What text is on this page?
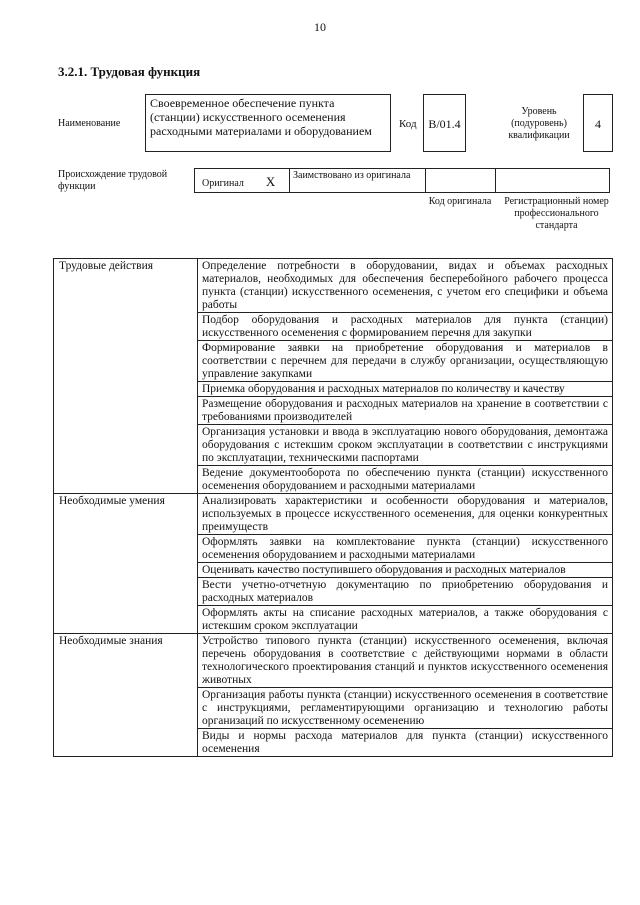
10
3.2.1. Трудовая функция
Наименование
Своевременное обеспечение пункта (станции) искусственного осеменения расходными материалами и оборудованием	Код В/01.4
Уровень (подуровень) квалификации
4
Происхождение трудовой функции	Оригинал X	Заимствовано из оригинала
Код оригинала	Регистрационный номер профессионального стандарта
Трудовые действия	Определение потребности в оборудовании, видах и объемах расходных материалов, необходимых для обеспечения бесперебойного рабочего процесса пункта (станции) искусственного осеменения, с учетом его специфики и объема работы
	Подбор оборудования и расходных материалов для пункта (станции) искусственного осеменения с формированием перечня для закупки
	Формирование заявки на приобретение оборудования и материалов в соответствии с перечнем для передачи в службу организации, осуществляющую управление закупками
	Приемка оборудования и расходных материалов по количеству и качеству
	Размещение оборудования и расходных материалов на хранение в соответствии с требованиями производителей
	Организация установки и ввода в эксплуатацию нового оборудования, демонтажа оборудования с истекшим сроком эксплуатации в соответствии с инструкциями по эксплуатации, техническими паспортами
	Ведение документооборота по обеспечению пункта (станции) искусственного осеменения оборудованием и расходными материалами
Необходимые умения	Анализировать характеристики и особенности оборудования и материалов, используемых в процессе искусственного осеменения, для оценки конкурентных преимуществ
	Оформлять заявки на комплектование пункта (станции) искусственного осеменения оборудованием и расходными материалами
	Оценивать качество поступившего оборудования и расходных материалов
	Вести учетно-отчетную документацию по приобретению оборудования и расходных материалов
	Оформлять акты на списание расходных материалов, а также оборудования с истекшим сроком эксплуатации
Необходимые знания	Устройство типового пункта (станции) искусственного осеменения, включая перечень оборудования в соответствие с действующими нормами в области технологического проектирования станций и пунктов искусственного осеменения животных
	Организация работы пункта (станции) искусственного осеменения в соответствие с инструкциями, регламентирующими организацию и технологию работы организаций по искусственному осеменению
	Виды и нормы расхода материалов для пункта (станции) искусственного осеменения
